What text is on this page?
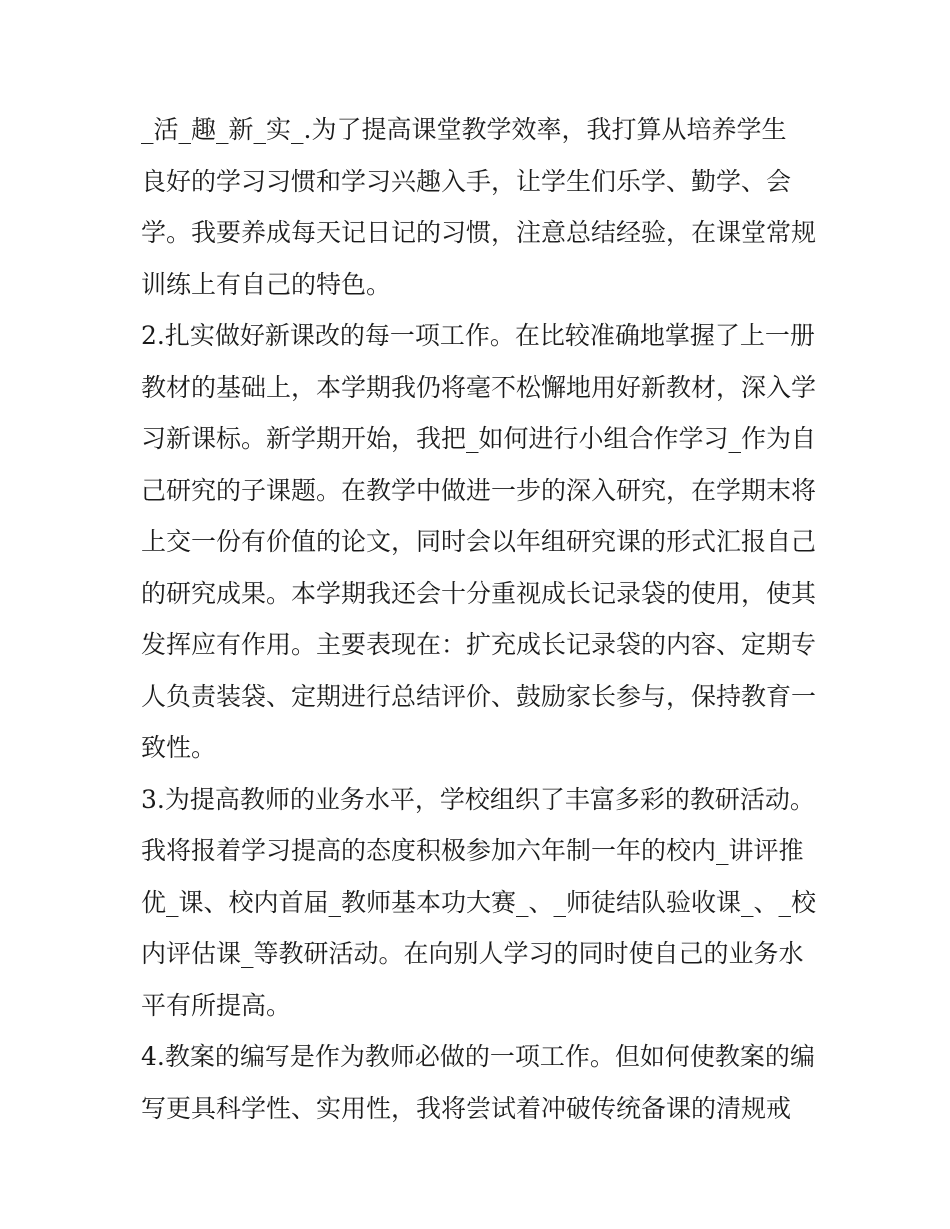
_活_趣_新_实_.为了提高课堂教学效率，我打算从培养学生
良好的学习习惯和学习兴趣入手，让学生们乐学、勤学、会
学。我要养成每天记日记的习惯，注意总结经验，在课堂常规
训练上有自己的特色。
2.扎实做好新课改的每一项工作。在比较准确地掌握了上一册
教材的基础上，本学期我仍将毫不松懈地用好新教材，深入学
习新课标。新学期开始，我把_如何进行小组合作学习_作为自
己研究的子课题。在教学中做进一步的深入研究，在学期末将
上交一份有价值的论文，同时会以年组研究课的形式汇报自己
的研究成果。本学期我还会十分重视成长记录袋的使用，使其
发挥应有作用。主要表现在：扩充成长记录袋的内容、定期专
人负责装袋、定期进行总结评价、鼓励家长参与，保持教育一
致性。
3.为提高教师的业务水平，学校组织了丰富多彩的教研活动。
我将报着学习提高的态度积极参加六年制一年的校内_讲评推
优_课、校内首届_教师基本功大赛_、_师徒结队验收课_、_校
内评估课_等教研活动。在向别人学习的同时使自己的业务水
平有所提高。
4.教案的编写是作为教师必做的一项工作。但如何使教案的编
写更具科学性、实用性，我将尝试着冲破传统备课的清规戒
